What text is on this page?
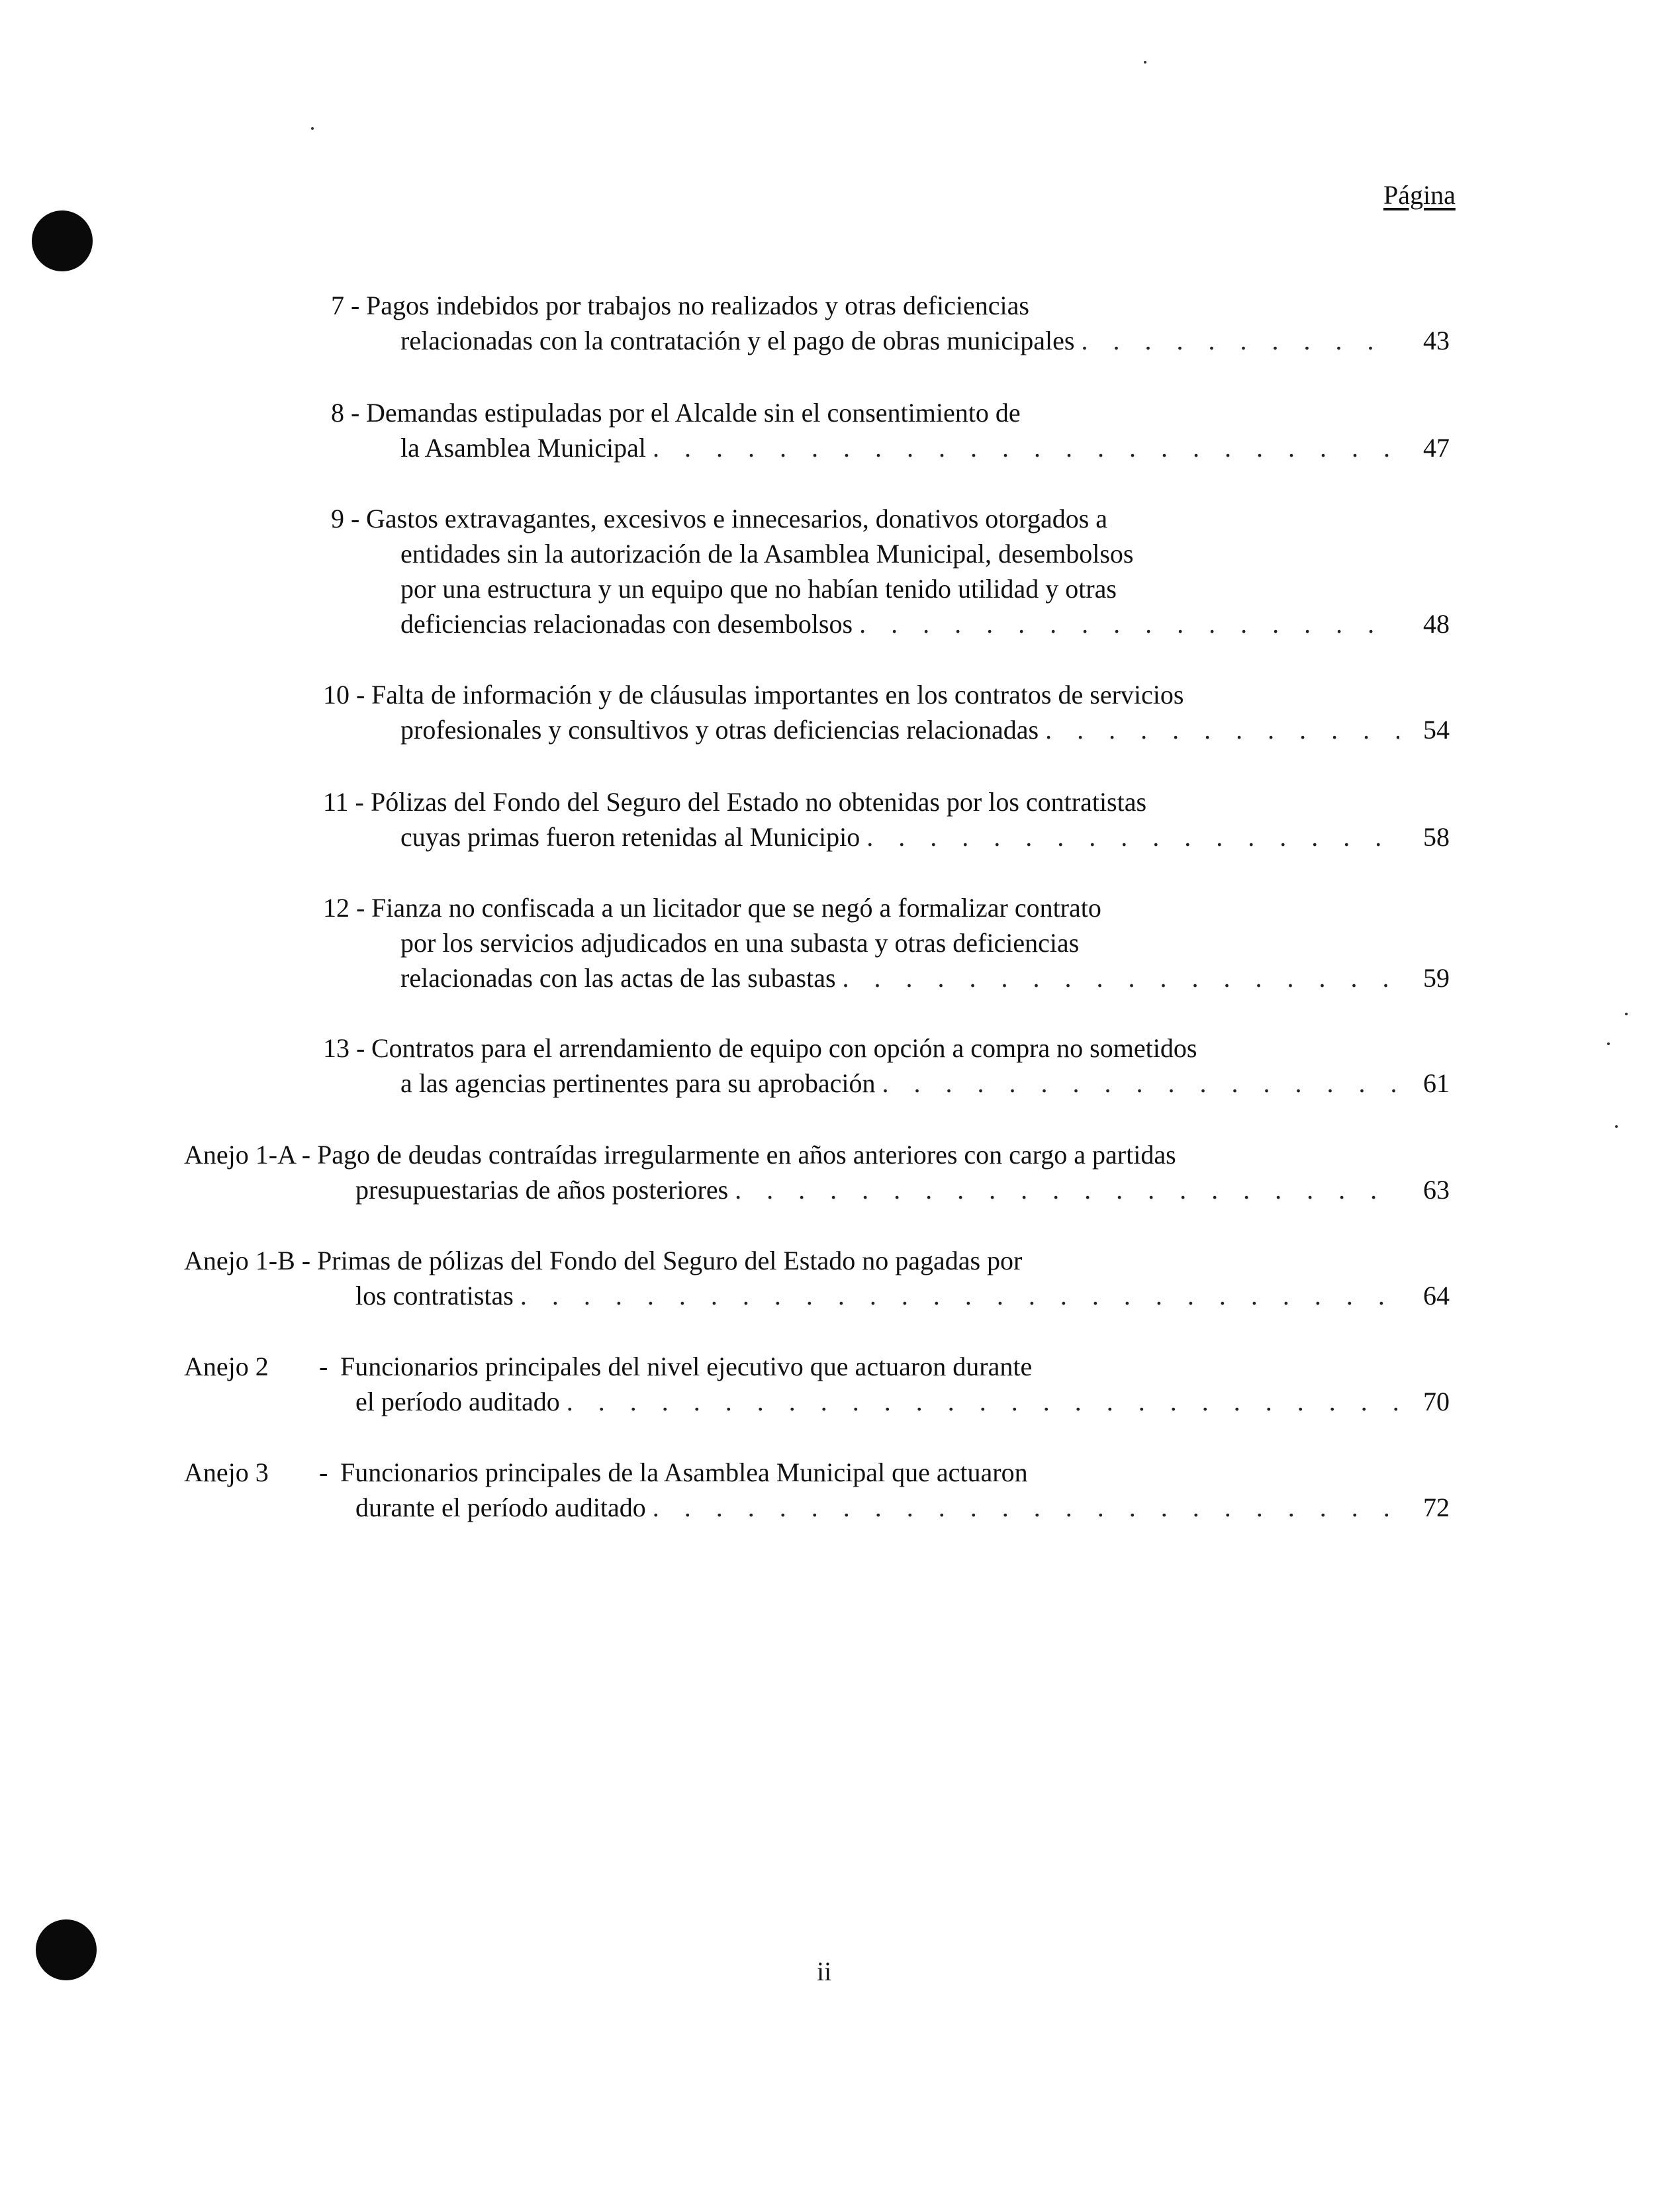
Página
7 - Pagos indebidos por trabajos no realizados y otras deficiencias
relacionadas con la contratación y el pago de obras municipales . . .	43
8 - Demandas estipuladas por el Alcalde sin el consentimiento de
la Asamblea Municipal . . .	47
9 - Gastos extravagantes, excesivos e innecesarios, donativos otorgados a
entidades sin la autorización de la Asamblea Municipal, desembolsos
por una estructura y un equipo que no habían tenido utilidad y otras
deficiencias relacionadas con desembolsos . . .	48
10 - Falta de información y de cláusulas importantes en los contratos de servicios
profesionales y consultivos y otras deficiencias relacionadas . . .	54
11 - Pólizas del Fondo del Seguro del Estado no obtenidas por los contratistas
cuyas primas fueron retenidas al Municipio . . .	58
12 - Fianza no confiscada a un licitador que se negó a formalizar contrato
por los servicios adjudicados en una subasta y otras deficiencias
relacionadas con las actas de las subastas . . .	59
13 - Contratos para el arrendamiento de equipo con opción a compra no sometidos
a las agencias pertinentes para su aprobación . . .	61
Anejo 1-A - Pago de deudas contraídas irregularmente en años anteriores con cargo a partidas
presupuestarias de años posteriores . . .	63
Anejo 1-B - Primas de pólizas del Fondo del Seguro del Estado no pagadas por
los contratistas . . .	64
Anejo 2 - Funcionarios principales del nivel ejecutivo que actuaron durante
el período auditado . . .	70
Anejo 3 - Funcionarios principales de la Asamblea Municipal que actuaron
durante el período auditado . . .	72
ii
